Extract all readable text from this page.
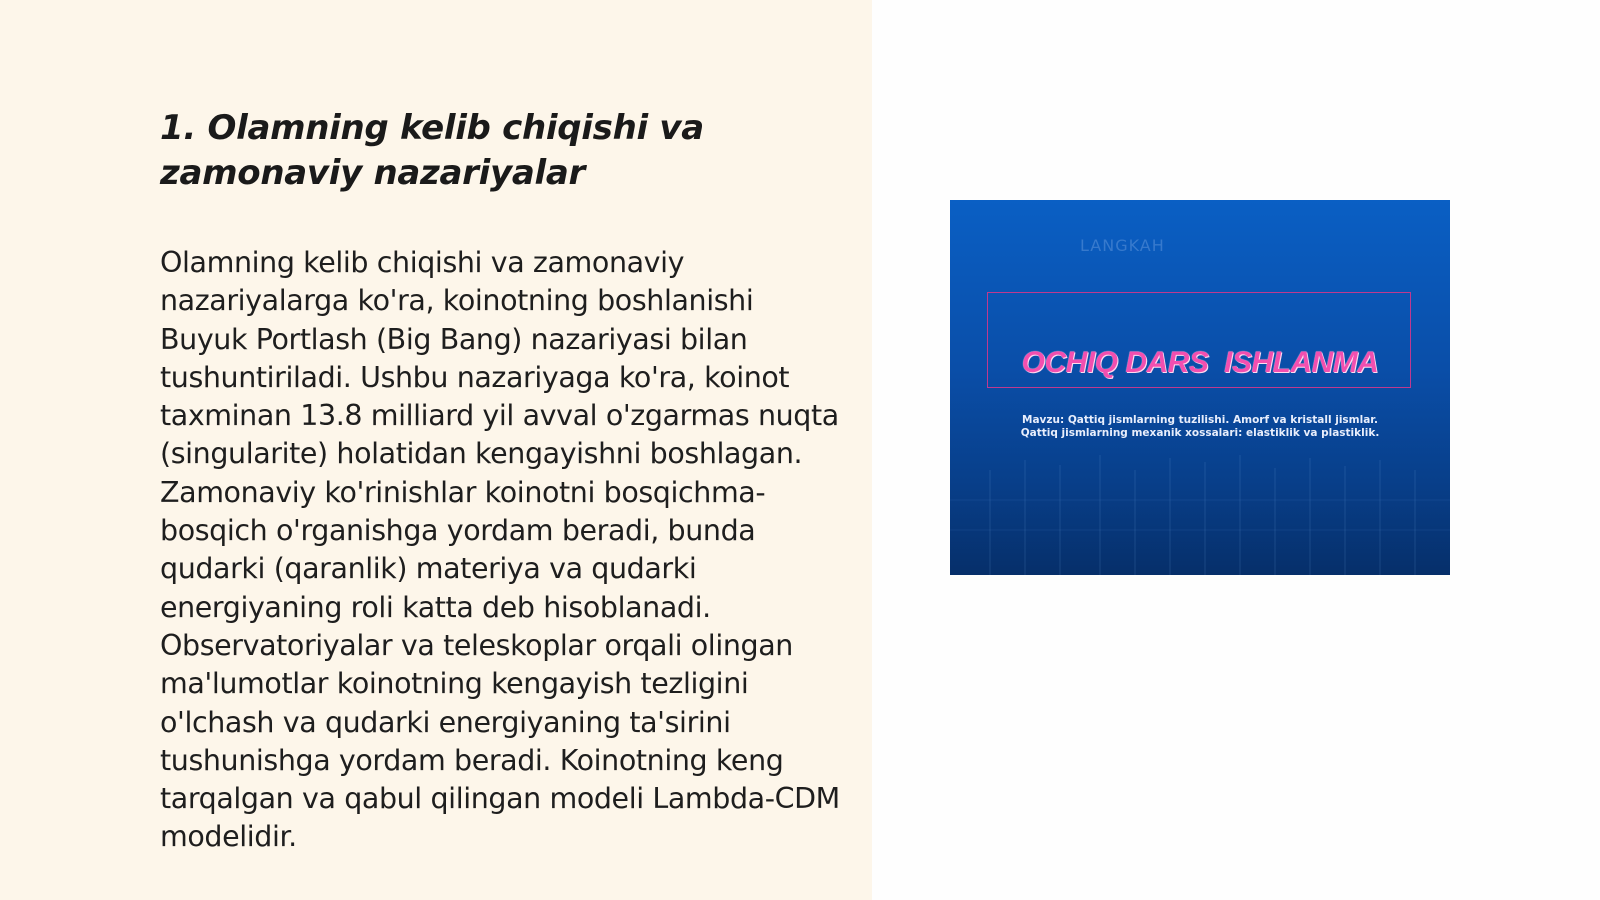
1. Olamning kelib chiqishi va zamonaviy nazariyalar

Olamning kelib chiqishi va zamonaviy nazariyalarga ko'ra, koinotning boshlanishi Buyuk Portlash (Big Bang) nazariyasi bilan tushuntiriladi. Ushbu nazariyaga ko'ra, koinot taxminan 13.8 milliard yil avval o'zgarmas nuqta (singularite) holatidan kengayishni boshlagan. Zamonaviy ko'rinishlar koinotni bosqichma-bosqich o'rganishga yordam beradi, bunda qudarki (qaranlik) materiya va qudarki energiyaning roli katta deb hisoblanadi. Observatoriyalar va teleskoplar orqali olingan ma'lumotlar koinotning kengayish tezligini o'lchash va qudarki energiyaning ta'sirini tushunishga yordam beradi. Koinotning keng tarqalgan va qabul qilingan modeli Lambda-CDM modelidir.

LANGKAH
OCHIQ DARS  ISHLANMA
Mavzu: Qattiq jismlarning tuzilishi. Amorf va kristall jismlar. Qattiq jismlarning mexanik xossalari: elastiklik va plastiklik.
